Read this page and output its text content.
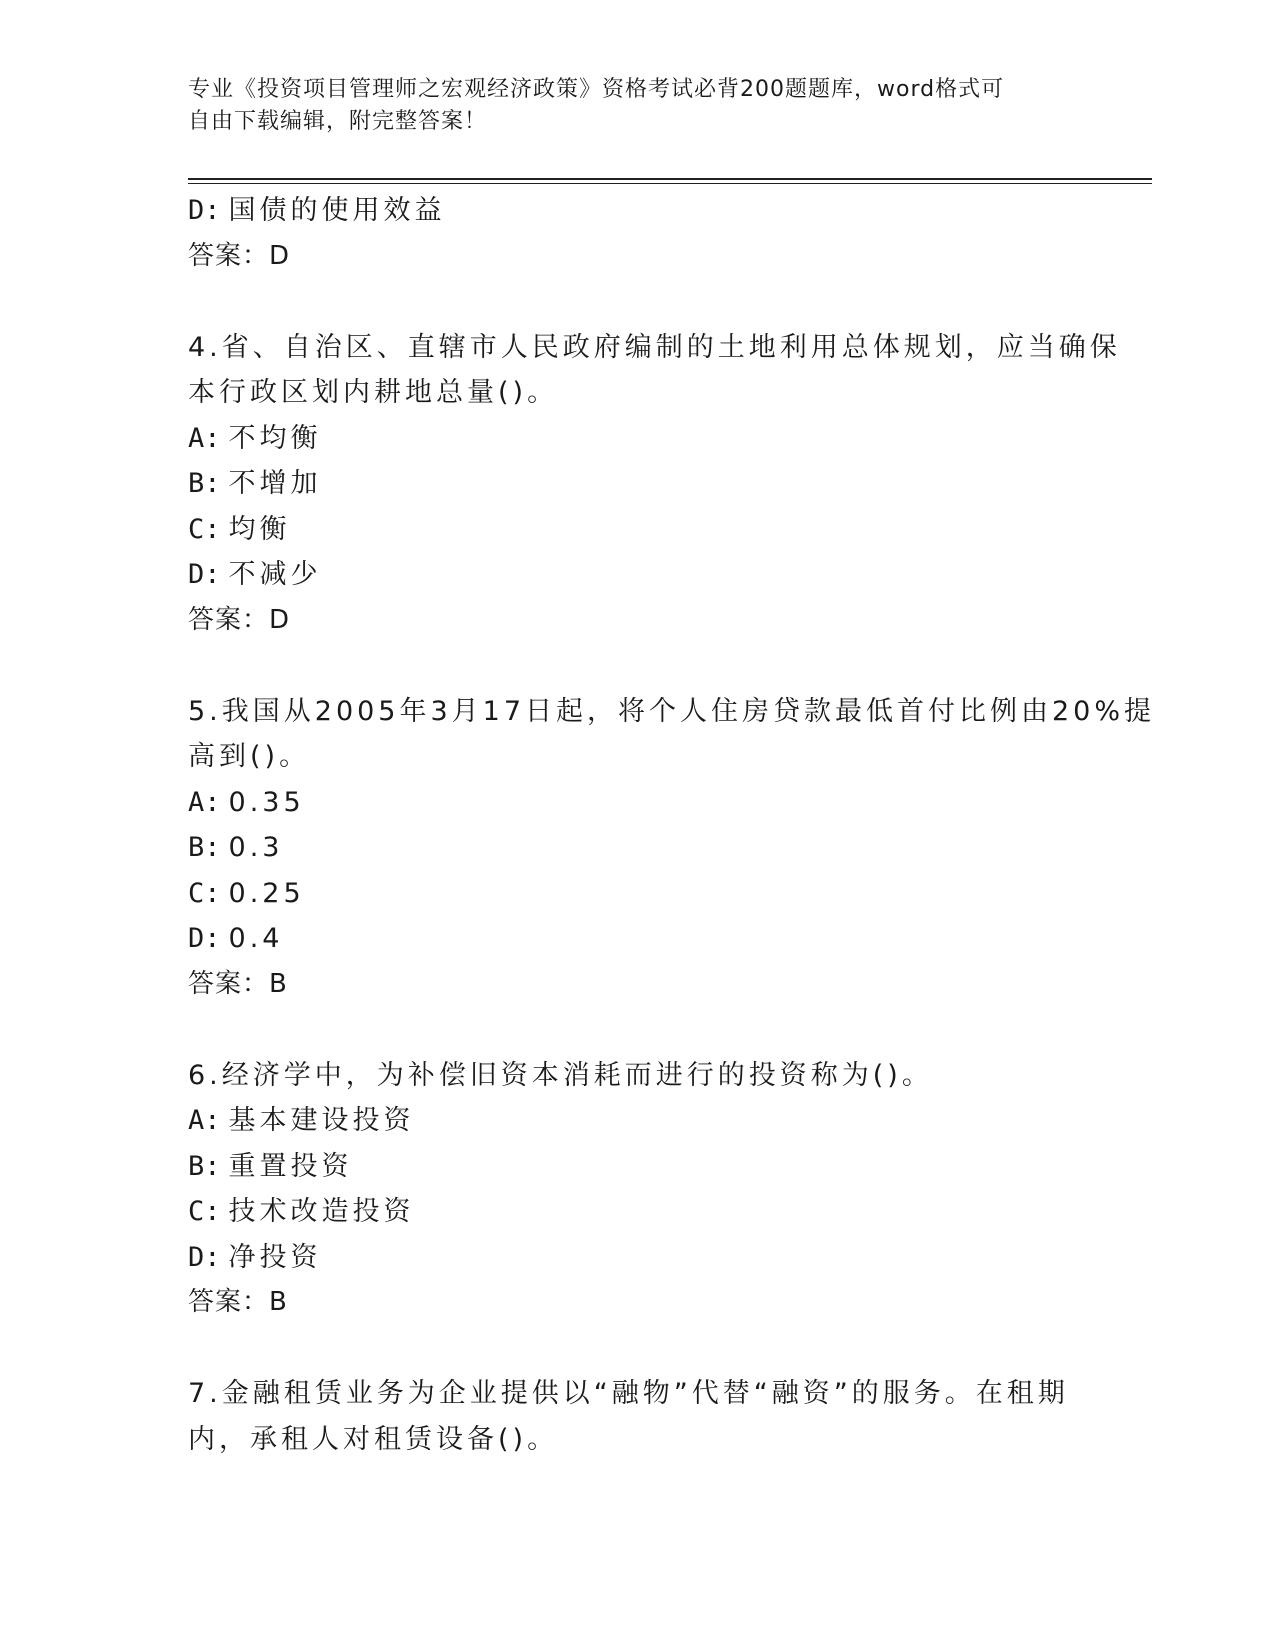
专业《投资项目管理师之宏观经济政策》资格考试必背200题题库，word格式可
自由下载编辑，附完整答案！
D: 国债的使用效益
答案：D
4.省、自治区、直辖市人民政府编制的土地利用总体规划，应当确保
本行政区划内耕地总量()。
A: 不均衡
B: 不增加
C: 均衡
D: 不减少
答案：D
5.我国从2005年3月17日起，将个人住房贷款最低首付比例由20%提
高到()。
A: 0.35
B: 0.3
C: 0.25
D: 0.4
答案：B
6.经济学中，为补偿旧资本消耗而进行的投资称为()。
A: 基本建设投资
B: 重置投资
C: 技术改造投资
D: 净投资
答案：B
7.金融租赁业务为企业提供以“融物”代替“融资”的服务。在租期
内，承租人对租赁设备()。
